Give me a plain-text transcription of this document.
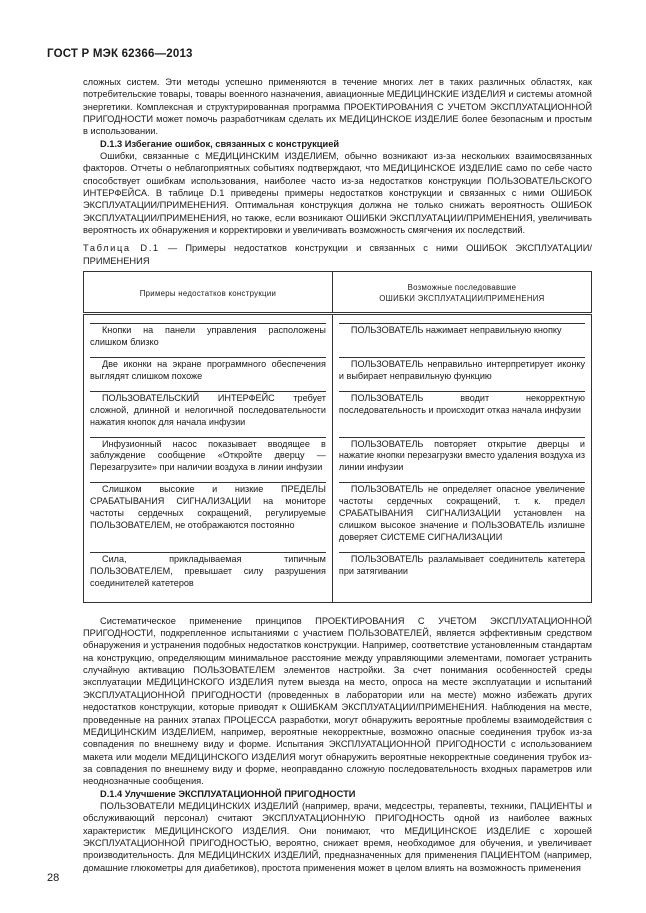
ГОСТ Р МЭК 62366—2013

сложных систем. Эти методы успешно применяются в течение многих лет в таких различных областях, как потребительские товары, товары военного назначения, авиационные МЕДИЦИНСКИЕ ИЗДЕЛИЯ и системы атомной энергетики. Комплексная и структурированная программа ПРОЕКТИРОВАНИЯ С УЧЕТОМ ЭКСПЛУАТАЦИОННОЙ ПРИГОДНОСТИ может помочь разработчикам сделать их МЕДИЦИНСКОЕ ИЗДЕЛИЕ более безопасным и простым в использовании.

D.1.3 Избегание ошибок, связанных с конструкцией

Ошибки, связанные с МЕДИЦИНСКИМ ИЗДЕЛИЕМ, обычно возникают из-за нескольких взаимосвязанных факторов. Отчеты о неблагоприятных событиях подтверждают, что МЕДИЦИНСКОЕ ИЗДЕЛИЕ само по себе часто способствует ошибкам использования, наиболее часто из-за недостатков конструкции ПОЛЬЗОВАТЕЛЬСКОГО ИНТЕРФЕЙСА. В таблице D.1 приведены примеры недостатков конструкции и связанных с ними ОШИБОК ЭКСПЛУАТАЦИИ/ПРИМЕНЕНИЯ. Оптимальная конструкция должна не только снижать вероятность ОШИБОК ЭКСПЛУАТАЦИИ/ПРИМЕНЕНИЯ, но также, если возникают ОШИБКИ ЭКСПЛУАТАЦИИ/ПРИМЕНЕНИЯ, увеличивать вероятность их обнаружения и корректировки и увеличивать возможность смягчения их последствий.

Таблица D.1 — Примеры недостатков конструкции и связанных с ними ОШИБОК ЭКСПЛУАТАЦИИ/ПРИМЕНЕНИЯ

Примеры недостатков конструкции	Возможные последовавшие
ОШИБКИ ЭКСПЛУАТАЦИИ/ПРИМЕНЕНИЯ

Кнопки на панели управления расположены слишком близко	ПОЛЬЗОВАТЕЛЬ нажимает неправильную кнопку

Две иконки на экране программного обеспечения выглядят слишком похоже	ПОЛЬЗОВАТЕЛЬ неправильно интерпретирует иконку и выбирает неправильную функцию

ПОЛЬЗОВАТЕЛЬСКИЙ ИНТЕРФЕЙС требует сложной, длинной и нелогичной последовательности нажатия кнопок для начала инфузии	ПОЛЬЗОВАТЕЛЬ вводит некорректную последовательность и происходит отказ начала инфузии

Инфузионный насос показывает вводящее в заблуждение сообщение «Откройте дверцу — Перезагрузите» при наличии воздуха в линии инфузии	ПОЛЬЗОВАТЕЛЬ повторяет открытие дверцы и нажатие кнопки перезагрузки вместо удаления воздуха из линии инфузии

Слишком высокие и низкие ПРЕДЕЛЫ СРАБАТЫВАНИЯ СИГНАЛИЗАЦИИ на мониторе частоты сердечных сокращений, регулируемые ПОЛЬЗОВАТЕЛЕМ, не отображаются постоянно	ПОЛЬЗОВАТЕЛЬ не определяет опасное увеличение частоты сердечных сокращений, т. к. предел СРАБАТЫВАНИЯ СИГНАЛИЗАЦИИ установлен на слишком высокое значение и ПОЛЬЗОВАТЕЛЬ излишне доверяет СИСТЕМЕ СИГНАЛИЗАЦИИ

Сила, прикладываемая типичным ПОЛЬЗОВАТЕЛЕМ, превышает силу разрушения соединителей катетеров	ПОЛЬЗОВАТЕЛЬ разламывает соединитель катетера при затягивании

Систематическое применение принципов ПРОЕКТИРОВАНИЯ С УЧЕТОМ ЭКСПЛУАТАЦИОННОЙ ПРИГОДНОСТИ, подкрепленное испытаниями с участием ПОЛЬЗОВАТЕЛЕЙ, является эффективным средством обнаружения и устранения подобных недостатков конструкции. Например, соответствие установленным стандартам на конструкцию, определяющим минимальное расстояние между управляющими элементами, помогает устранить случайную активацию ПОЛЬЗОВАТЕЛЕМ элементов настройки. За счет понимания особенностей среды эксплуатации МЕДИЦИНСКОГО ИЗДЕЛИЯ путем выезда на место, опроса на месте эксплуатации и испытаний ЭКСПЛУАТАЦИОННОЙ ПРИГОДНОСТИ (проведенных в лаборатории или на месте) можно избежать других недостатков конструкции, которые приводят к ОШИБКАМ ЭКСПЛУАТАЦИИ/ПРИМЕНЕНИЯ. Наблюдения на месте, проведенные на ранних этапах ПРОЦЕССА разработки, могут обнаружить вероятные проблемы взаимодействия с МЕДИЦИНСКИМ ИЗДЕЛИЕМ, например, вероятные некорректные, возможно опасные соединения трубок из-за совпадения по внешнему виду и форме. Испытания ЭКСПЛУАТАЦИОННОЙ ПРИГОДНОСТИ с использованием макета или модели МЕДИЦИНСКОГО ИЗДЕЛИЯ могут обнаружить вероятные некорректные соединения трубок из-за совпадения по внешнему виду и форме, неоправданно сложную последовательность входных параметров или неоднозначные сообщения.

D.1.4 Улучшение ЭКСПЛУАТАЦИОННОЙ ПРИГОДНОСТИ

ПОЛЬЗОВАТЕЛИ МЕДИЦИНСКИХ ИЗДЕЛИЙ (например, врачи, медсестры, терапевты, техники, ПАЦИЕНТЫ и обслуживающий персонал) считают ЭКСПЛУАТАЦИОННУЮ ПРИГОДНОСТЬ одной из наиболее важных характеристик МЕДИЦИНСКОГО ИЗДЕЛИЯ. Они понимают, что МЕДИЦИНСКОЕ ИЗДЕЛИЕ с хорошей ЭКСПЛУАТАЦИОННОЙ ПРИГОДНОСТЬЮ, вероятно, снижает время, необходимое для обучения, и увеличивает производительность. Для МЕДИЦИНСКИХ ИЗДЕЛИЙ, предназначенных для применения ПАЦИЕНТОМ (например, домашние глюкометры для диабетиков), простота применения может в целом влиять на возможность применения

28
